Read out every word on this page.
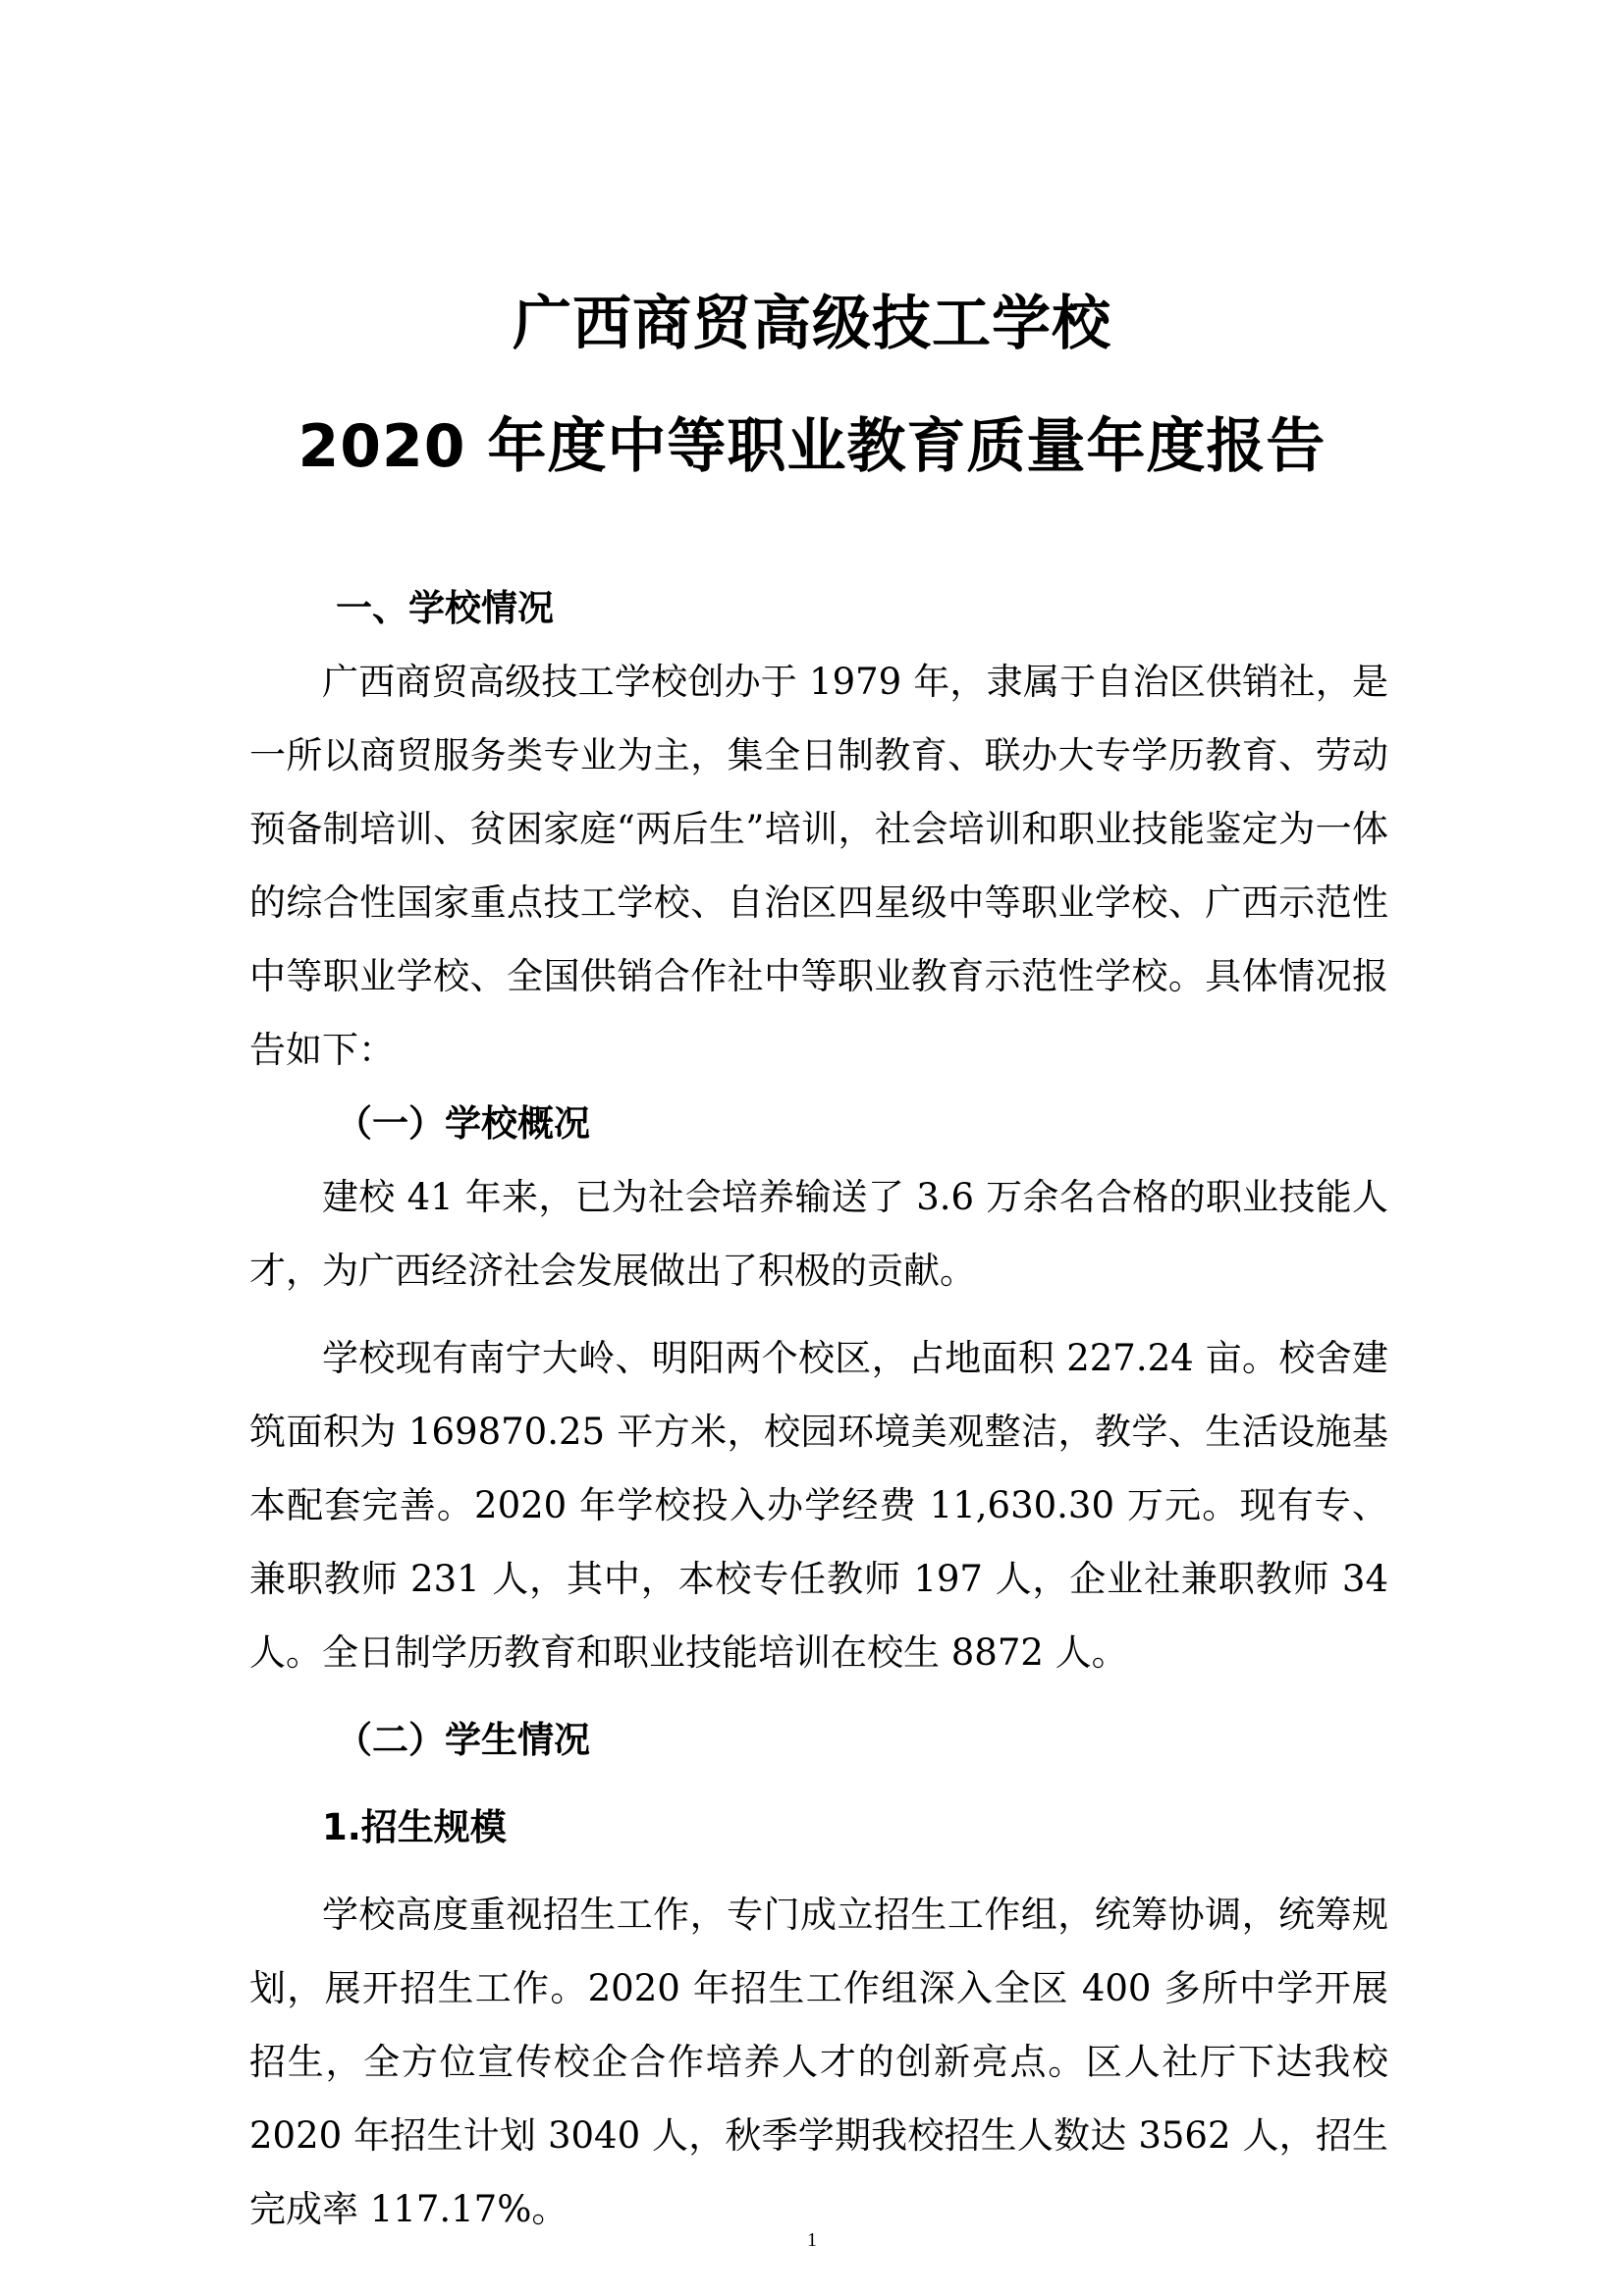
广西商贸高级技工学校
2020 年度中等职业教育质量年度报告
一、学校情况

广西商贸高级技工学校创办于 1979 年，隶属于自治区供销社，是一所以商贸服务类专业为主，集全日制教育、联办大专学历教育、劳动预备制培训、贫困家庭“两后生”培训，社会培训和职业技能鉴定为一体的综合性国家重点技工学校、自治区四星级中等职业学校、广西示范性中等职业学校、全国供销合作社中等职业教育示范性学校。具体情况报告如下：

（一）学校概况

建校 41 年来，已为社会培养输送了 3.6 万余名合格的职业技能人才，为广西经济社会发展做出了积极的贡献。

学校现有南宁大岭、明阳两个校区，占地面积 227.24 亩。校舍建筑面积为 169870.25 平方米，校园环境美观整洁，教学、生活设施基本配套完善。2020 年学校投入办学经费 11,630.30 万元。现有专、兼职教师 231 人，其中，本校专任教师 197 人，企业社兼职教师 34 人。全日制学历教育和职业技能培训在校生 8872 人。

（二）学生情况
1.招生规模

学校高度重视招生工作，专门成立招生工作组，统筹协调，统筹规划，展开招生工作。2020 年招生工作组深入全区 400 多所中学开展招生，全方位宣传校企合作培养人才的创新亮点。区人社厅下达我校 2020 年招生计划 3040 人，秋季学期我校招生人数达 3562 人，招生完成率 117.17%。

1
